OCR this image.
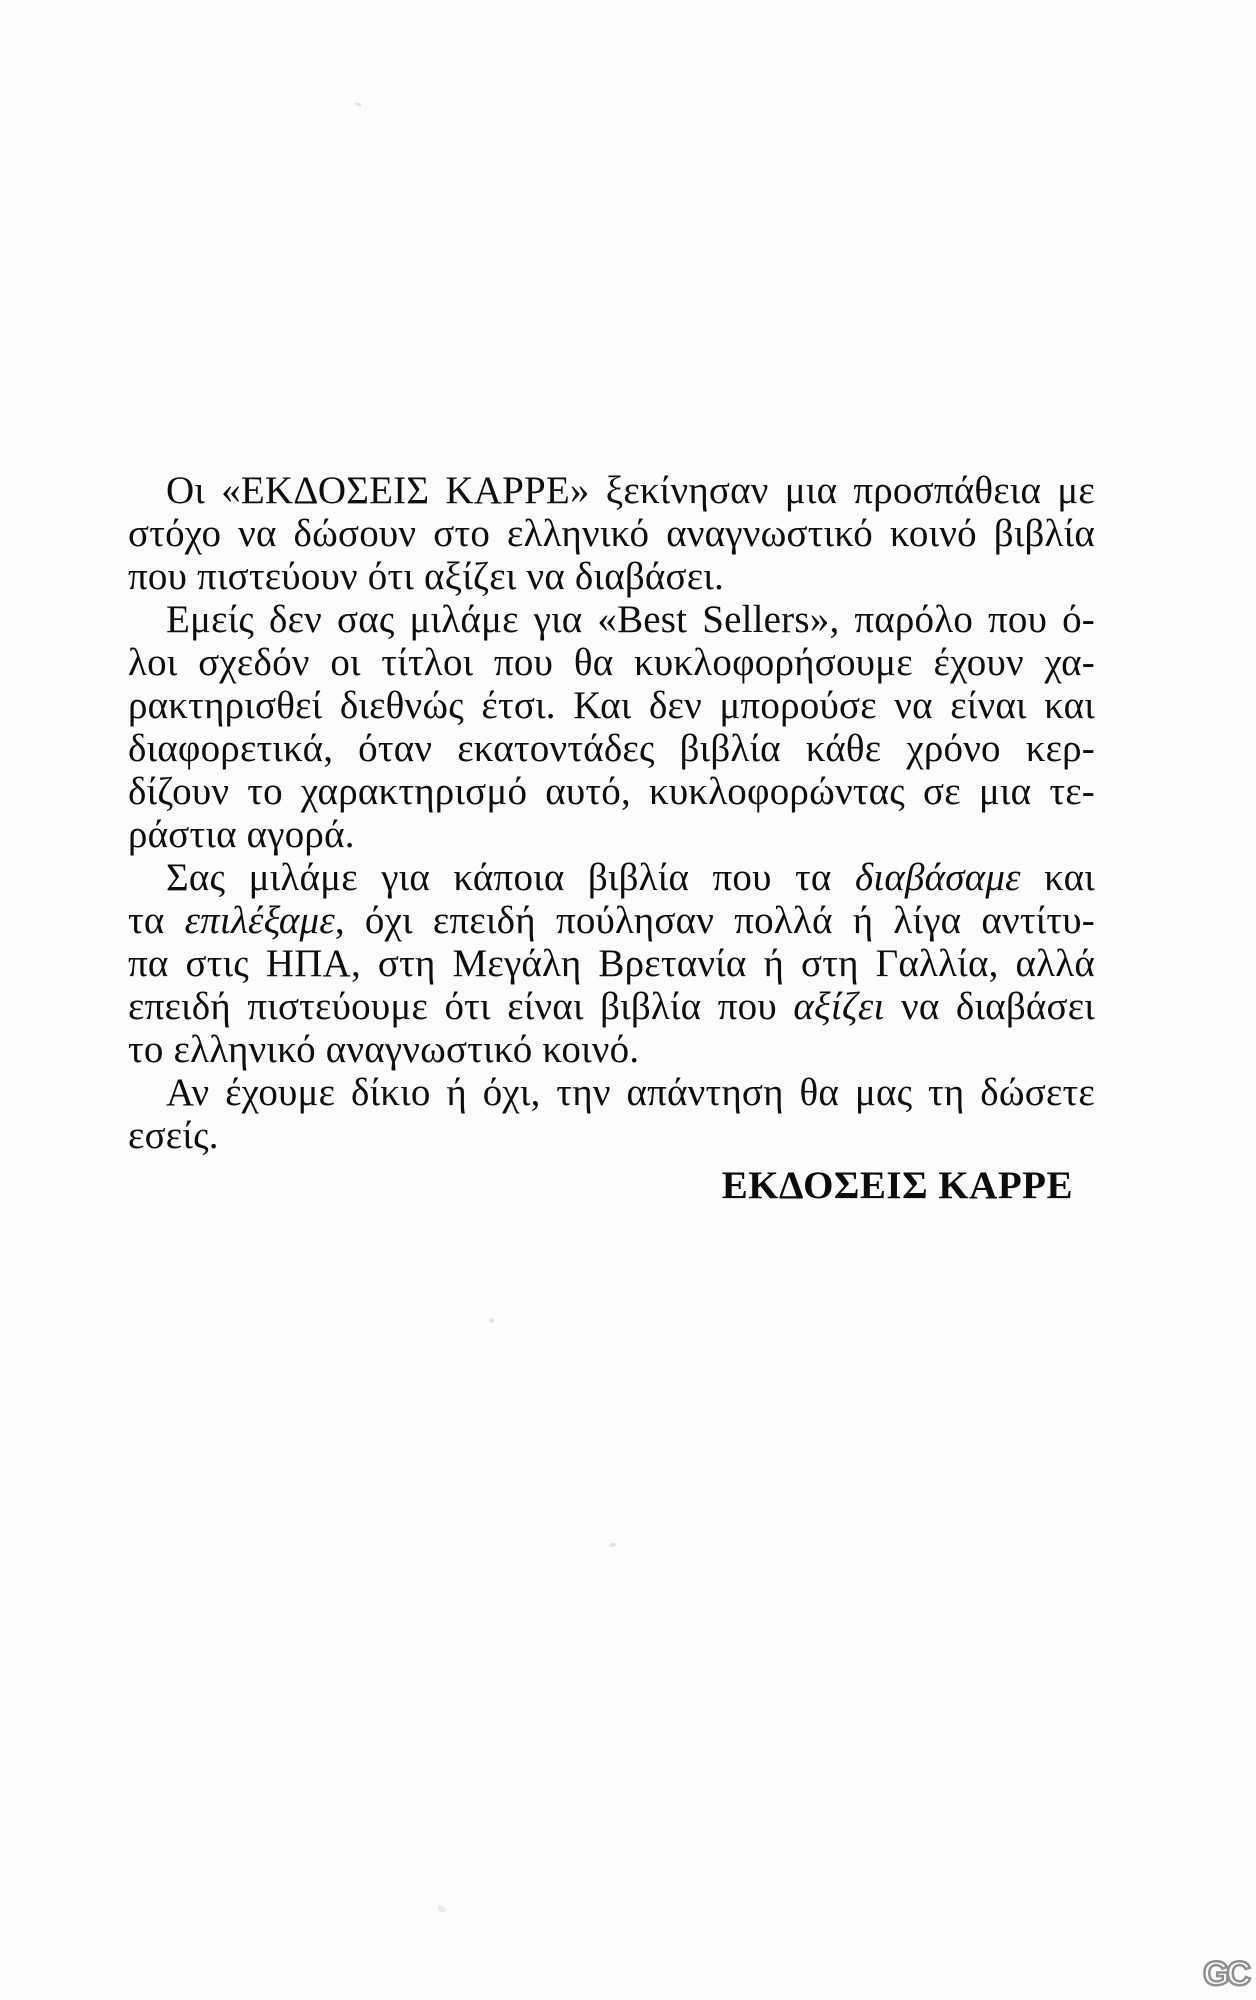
Οι «ΕΚΔΟΣΕΙΣ ΚΑΡΡΕ» ξεκίνησαν μια προσπάθεια με
στόχο να δώσουν στο ελληνικό αναγνωστικό κοινό βιβλία
που πιστεύουν ότι αξίζει να διαβάσει.
Εμείς δεν σας μιλάμε για «Best Sellers», παρόλο που ό-
λοι σχεδόν οι τίτλοι που θα κυκλοφορήσουμε έχουν χα-
ρακτηρισθεί διεθνώς έτσι. Και δεν μπορούσε να είναι και
διαφορετικά, όταν εκατοντάδες βιβλία κάθε χρόνο κερ-
δίζουν το χαρακτηρισμό αυτό, κυκλοφορώντας σε μια τε-
ράστια αγορά.
Σας μιλάμε για κάποια βιβλία που τα διαβάσαμε και
τα επιλέξαμε, όχι επειδή πούλησαν πολλά ή λίγα αντίτυ-
πα στις ΗΠΑ, στη Μεγάλη Βρετανία ή στη Γαλλία, αλλά
επειδή πιστεύουμε ότι είναι βιβλία που αξίζει να διαβάσει
το ελληνικό αναγνωστικό κοινό.
Αν έχουμε δίκιο ή όχι, την απάντηση θα μας τη δώσετε
εσείς.
ΕΚΔΟΣΕΙΣ ΚΑΡΡΕ
GC
